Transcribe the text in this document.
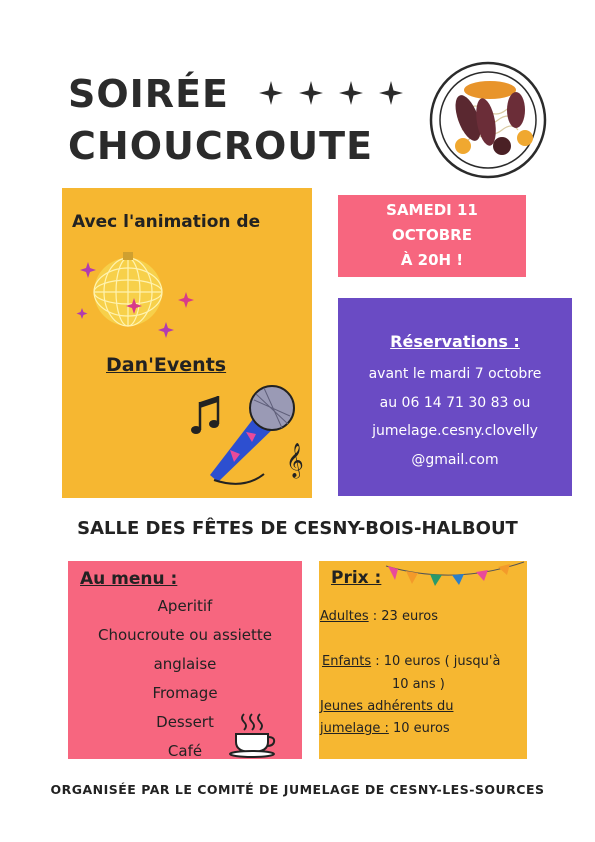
SOIRÉE
CHOUCROUTE
Avec l'animation de
Dan'Events
𝄞
SAMEDI 11
OCTOBRE
À 20H !
Réservations :
avant le mardi 7 octobre
au 06 14 71 30 83 ou
jumelage.cesny.clovelly
@gmail.com
SALLE DES FÊTES DE CESNY-BOIS-HALBOUT
Au menu :
Aperitif
Choucroute ou assiette
anglaise
Fromage
Dessert
Café
Prix :
Adultes : 23 euros
Enfants : 10 euros ( jusqu'à
10 ans )
Jeunes adhérents du
jumelage : 10 euros
ORGANISÉE PAR LE COMITÉ DE JUMELAGE DE CESNY-LES-SOURCES
